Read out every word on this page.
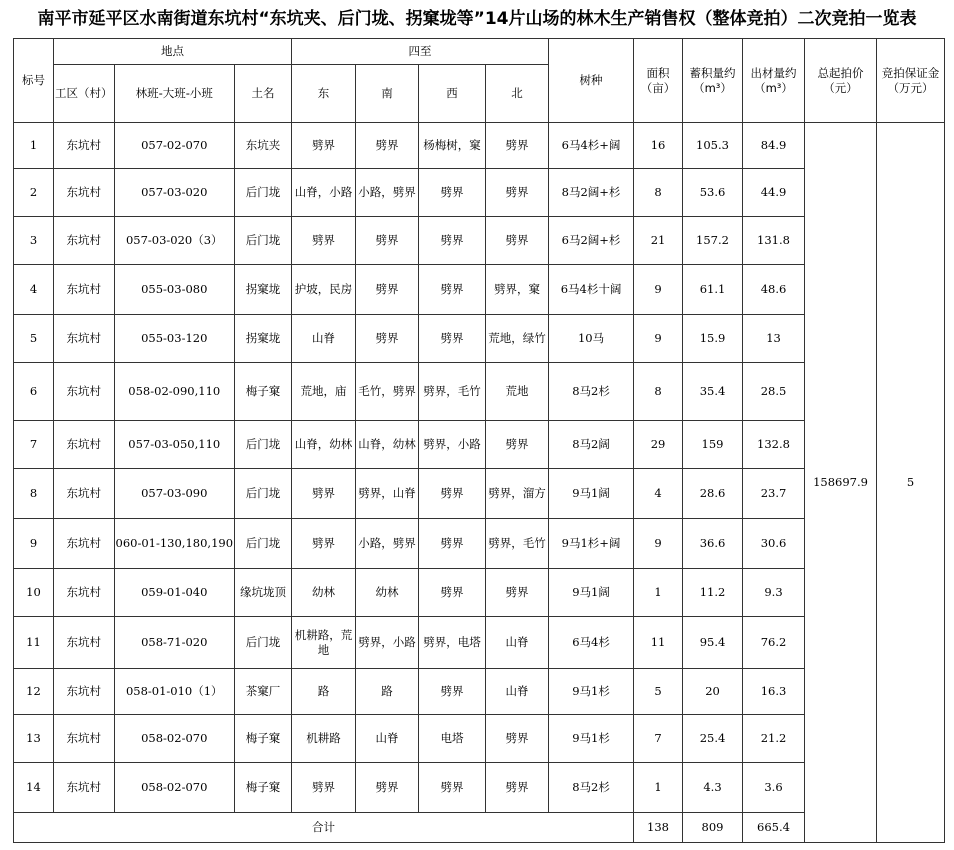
南平市延平区水南街道东坑村“东坑夹、后门垅、拐窠垅等”14片山场的林木生产销售权（整体竞拍）二次竞拍一览表
标号	地点			四至				树种	面积（亩）	蓄积量约（m³）	出材量约（m³）	总起拍价（元）	竞拍保证金（万元）
	工区（村）	林班-大班-小班	土名	东	南	西	北						
1	东坑村	057-02-070	东坑夹	劈界	劈界	杨梅树，窠	劈界	6马4杉+阔	16	105.3	84.9	158697.9	5
2	东坑村	057-03-020	后门垅	山脊，小路	小路，劈界	劈界	劈界	8马2阔+杉	8	53.6	44.9		
3	东坑村	057-03-020（3）	后门垅	劈界	劈界	劈界	劈界	6马2阔+杉	21	157.2	131.8		
4	东坑村	055-03-080	拐窠垅	护坡，民房	劈界	劈界	劈界，窠	6马4杉十阔	9	61.1	48.6		
5	东坑村	055-03-120	拐窠垅	山脊	劈界	劈界	荒地，绿竹	10马	9	15.9	13		
6	东坑村	058-02-090,110	梅子窠	荒地，庙	毛竹，劈界	劈界，毛竹	荒地	8马2杉	8	35.4	28.5		
7	东坑村	057-03-050,110	后门垅	山脊，幼林	山脊，幼林	劈界，小路	劈界	8马2阔	29	159	132.8		
8	东坑村	057-03-090	后门垅	劈界	劈界，山脊	劈界	劈界，溜方	9马1阔	4	28.6	23.7		
9	东坑村	060-01-130,180,190	后门垅	劈界	小路，劈界	劈界	劈界，毛竹	9马1杉+阔	9	36.6	30.6		
10	东坑村	059-01-040	缘坑垅顶	幼林	幼林	劈界	劈界	9马1阔	1	11.2	9.3		
11	东坑村	058-71-020	后门垅	机耕路，荒地	劈界，小路	劈界，电塔	山脊	6马4杉	11	95.4	76.2		
12	东坑村	058-01-010（1）	茶窠厂	路	路	劈界	山脊	9马1杉	5	20	16.3		
13	东坑村	058-02-070	梅子窠	机耕路	山脊	电塔	劈界	9马1杉	7	25.4	21.2		
14	东坑村	058-02-070	梅子窠	劈界	劈界	劈界	劈界	8马2杉	1	4.3	3.6		
合计									138	809	665.4		
